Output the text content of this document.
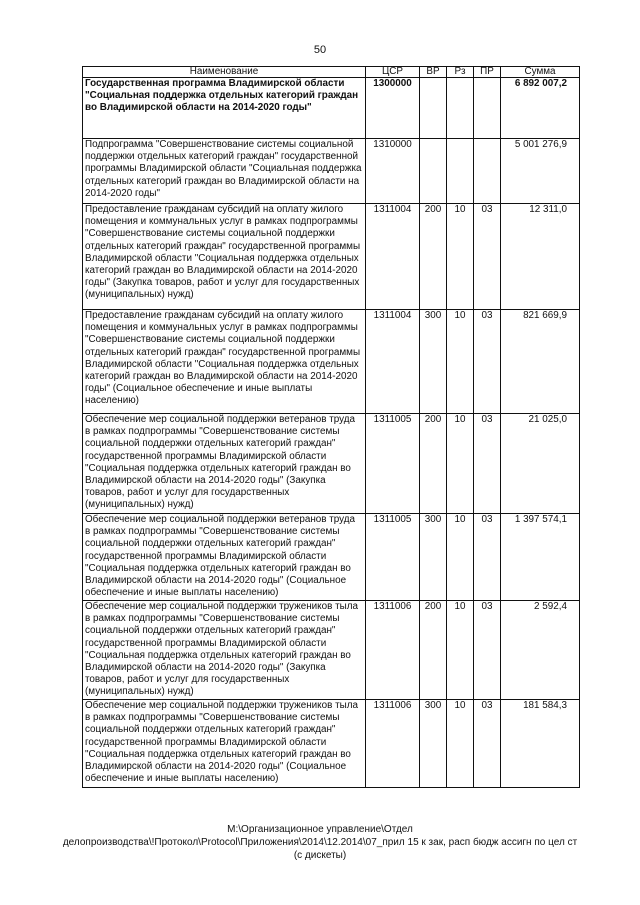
50
Наименование	ЦСР	ВР	Рз	ПР	Сумма
Государственная программа Владимирской области "Социальная поддержка отдельных категорий граждан во Владимирской области на 2014-2020 годы"	1300000				6 892 007,2
Подпрограмма "Совершенствование системы социальной поддержки отдельных категорий граждан" государственной программы Владимирской области "Социальная поддержка отдельных категорий граждан во Владимирской области на 2014-2020 годы"	1310000				5 001 276,9
Предоставление гражданам субсидий на оплату жилого помещения и коммунальных услуг в рамках подпрограммы "Совершенствование системы социальной поддержки отдельных категорий граждан" государственной программы Владимирской области "Социальная поддержка отдельных категорий граждан во Владимирской области на 2014-2020 годы" (Закупка товаров, работ и услуг для государственных (муниципальных) нужд)	1311004	200	10	03	12 311,0
Предоставление гражданам субсидий на оплату жилого помещения и коммунальных услуг в рамках подпрограммы "Совершенствование системы социальной поддержки отдельных категорий граждан" государственной программы Владимирской области "Социальная поддержка отдельных категорий граждан во Владимирской области на 2014-2020 годы" (Социальное обеспечение и иные выплаты населению)	1311004	300	10	03	821 669,9
Обеспечение мер социальной поддержки ветеранов труда в рамках подпрограммы "Совершенствование системы социальной поддержки отдельных категорий граждан" государственной программы Владимирской области "Социальная поддержка отдельных категорий граждан во Владимирской области на 2014-2020 годы" (Закупка товаров, работ и услуг для государственных (муниципальных) нужд)	1311005	200	10	03	21 025,0
Обеспечение мер социальной поддержки ветеранов труда в рамках подпрограммы "Совершенствование системы социальной поддержки отдельных категорий граждан" государственной программы Владимирской области "Социальная поддержка отдельных категорий граждан во Владимирской области на 2014-2020 годы" (Социальное обеспечение и иные выплаты населению)	1311005	300	10	03	1 397 574,1
Обеспечение мер социальной поддержки тружеников тыла в рамках подпрограммы "Совершенствование системы социальной поддержки отдельных категорий граждан" государственной программы Владимирской области "Социальная поддержка отдельных категорий граждан во Владимирской области на 2014-2020 годы" (Закупка товаров, работ и услуг для государственных (муниципальных) нужд)	1311006	200	10	03	2 592,4
Обеспечение мер социальной поддержки тружеников тыла в рамках подпрограммы "Совершенствование системы социальной поддержки отдельных категорий граждан" государственной программы Владимирской области "Социальная поддержка отдельных категорий граждан во Владимирской области на 2014-2020 годы" (Социальное обеспечение и иные выплаты населению)	1311006	300	10	03	181 584,3
М:\Организационное управление\Отдел
делопроизводства\!Протокол\Protocol\Приложения\2014\12.2014\07_прил 15 к зак, расп бюдж ассигн по цел ст
(с дискеты)
